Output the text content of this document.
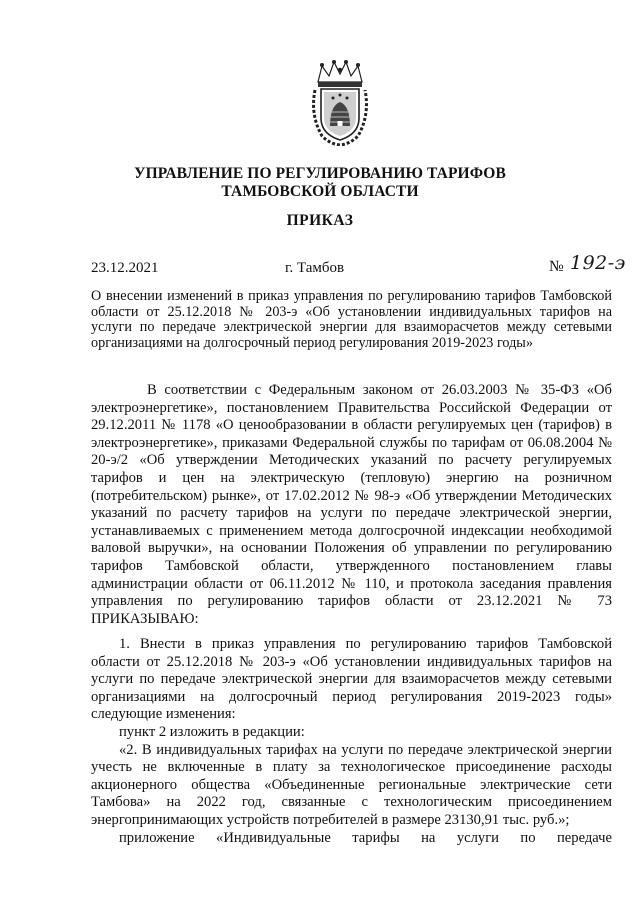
УПРАВЛЕНИЕ ПО РЕГУЛИРОВАНИЮ ТАРИФОВ
ТАМБОВСКОЙ ОБЛАСТИ
ПРИКАЗ
23.12.2021	г. Тамбов	№ 192-э
О внесении изменений в приказ управления по регулированию тарифов Тамбовской области от 25.12.2018 № 203-э «Об установлении индивидуальных тарифов на услуги по передаче электрической энергии для взаиморасчетов между сетевыми организациями на долгосрочный период регулирования 2019-2023 годы»

В соответствии с Федеральным законом от 26.03.2003 № 35-ФЗ «Об электроэнергетике», постановлением Правительства Российской Федерации от 29.12.2011 № 1178 «О ценообразовании в области регулируемых цен (тарифов) в электроэнергетике», приказами Федеральной службы по тарифам от 06.08.2004 № 20-э/2 «Об утверждении Методических указаний по расчету регулируемых тарифов и цен на электрическую (тепловую) энергию на розничном (потребительском) рынке», от 17.02.2012 № 98-э «Об утверждении Методических указаний по расчету тарифов на услуги по передаче электрической энергии, устанавливаемых с применением метода долгосрочной индексации необходимой валовой выручки», на основании Положения об управлении по регулированию тарифов Тамбовской области, утвержденного постановлением главы администрации области от 06.11.2012 № 110, и протокола заседания правления управления по регулированию тарифов области от 23.12.2021 № 73 ПРИКАЗЫВАЮ:

1. Внести в приказ управления по регулированию тарифов Тамбовской области от 25.12.2018 № 203-э «Об установлении индивидуальных тарифов на услуги по передаче электрической энергии для взаиморасчетов между сетевыми организациями на долгосрочный период регулирования 2019-2023 годы» следующие изменения:

пункт 2 изложить в редакции:

«2. В индивидуальных тарифах на услуги по передаче электрической энергии учесть не включенные в плату за технологическое присоединение расходы акционерного общества «Объединенные региональные электрические сети Тамбова» на 2022 год, связанные с технологическим присоединением энергопринимающих устройств потребителей в размере 23130,91 тыс. руб.»;

приложение «Индивидуальные тарифы на услуги по передаче
